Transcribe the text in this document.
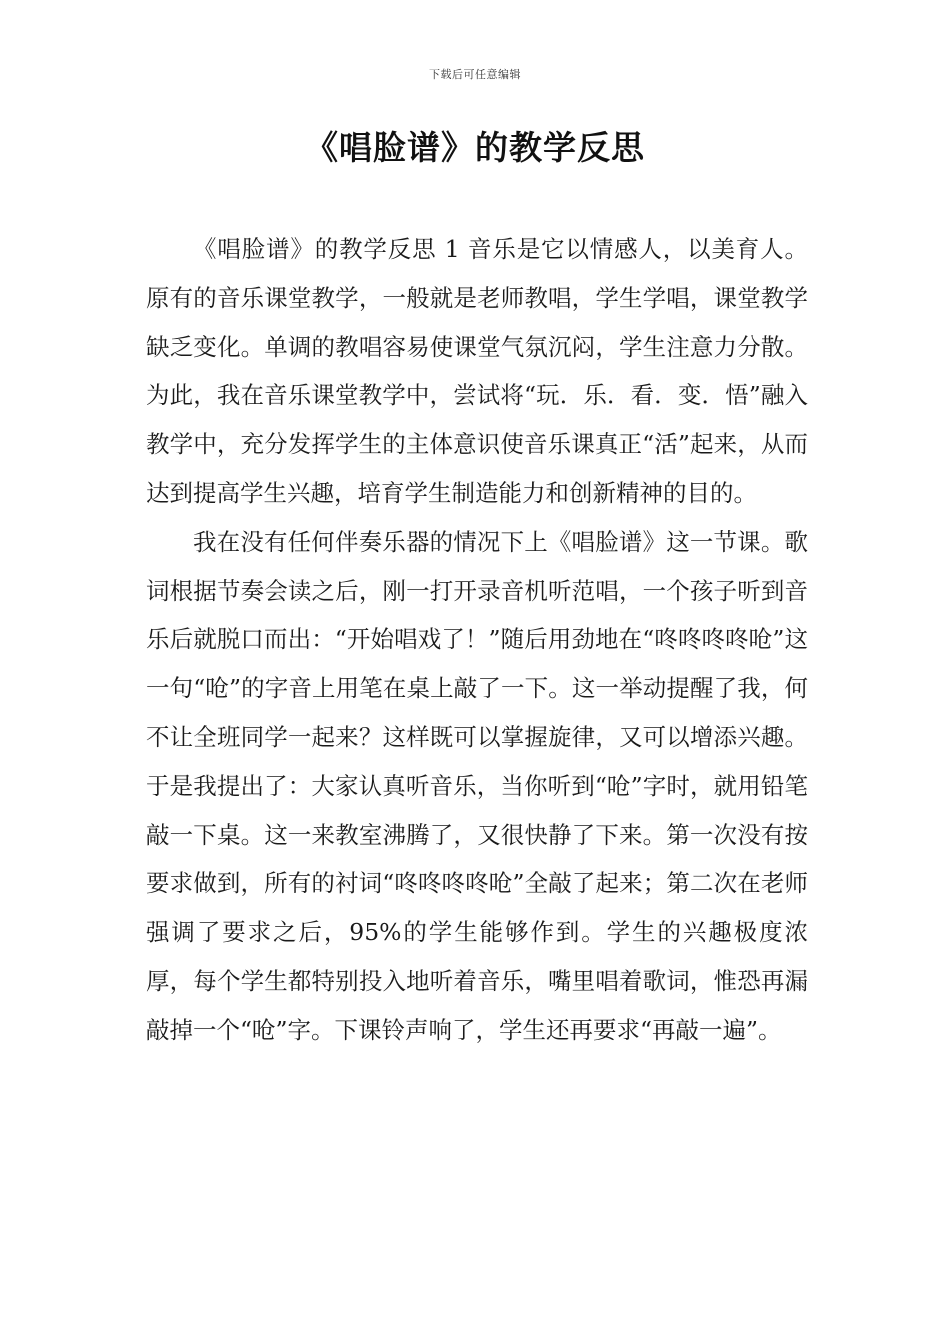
下载后可任意编辑
《唱脸谱》的教学反思

《唱脸谱》的教学反思 1 音乐是它以情感人，以美育人。原有的音乐课堂教学，一般就是老师教唱，学生学唱，课堂教学缺乏变化。单调的教唱容易使课堂气氛沉闷，学生注意力分散。为此，我在音乐课堂教学中，尝试将“玩．乐．看．变．悟”融入教学中，充分发挥学生的主体意识使音乐课真正“活”起来，从而达到提高学生兴趣，培育学生制造能力和创新精神的目的。

我在没有任何伴奏乐器的情况下上《唱脸谱》这一节课。歌词根据节奏会读之后，刚一打开录音机听范唱，一个孩子听到音乐后就脱口而出：“开始唱戏了！”随后用劲地在“咚咚咚咚呛”这一句“呛”的字音上用笔在桌上敲了一下。这一举动提醒了我，何不让全班同学一起来？这样既可以掌握旋律，又可以增添兴趣。于是我提出了：大家认真听音乐，当你听到“呛”字时，就用铅笔敲一下桌。这一来教室沸腾了，又很快静了下来。第一次没有按要求做到，所有的衬词“咚咚咚咚呛”全敲了起来；第二次在老师强调了要求之后，95%的学生能够作到。学生的兴趣极度浓厚，每个学生都特别投入地听着音乐，嘴里唱着歌词，惟恐再漏敲掉一个“呛”字。下课铃声响了，学生还再要求“再敲一遍”。
